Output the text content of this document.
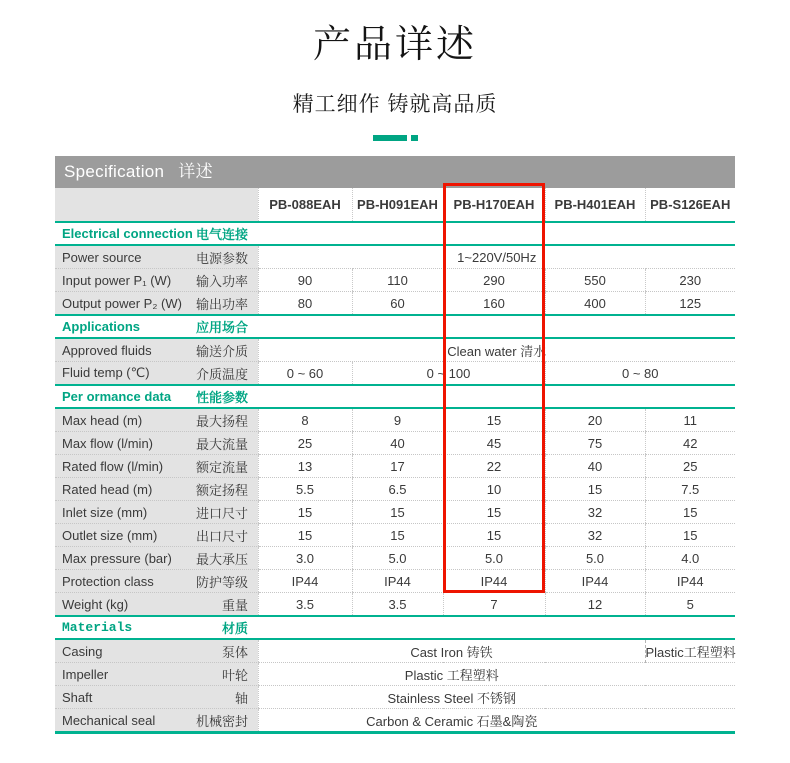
产品详述
精工细作 铸就高品质
Specification 详述
	PB-088EAH	PB-H091EAH	PB-H170EAH	PB-H401EAH	PB-S126EAH

Electrical connection 电气连接					

Power source 电源参数	1~220V/50Hz				

Input power P₁ (W) 输入功率	90	110	290	550	230

Output power P₂ (W) 输出功率	80	60	160	400	125

Applications 应用场合					

Approved fluids 输送介质	Clean water 清水				

Fluid temp (℃) 介质温度	0 ~ 60	0 ~ 100		0 ~ 80	

Per ormance data 性能参数					

Max head (m) 最大扬程	8	9	15	20	11

Max flow (l/min) 最大流量	25	40	45	75	42

Rated flow (l/min) 额定流量	13	17	22	40	25

Rated head (m) 额定扬程	5.5	6.5	10	15	7.5

Inlet size (mm) 进口尺寸	15	15	15	32	15

Outlet size (mm) 出口尺寸	15	15	15	32	15

Max pressure (bar) 最大承压	3.0	5.0	5.0	5.0	4.0

Protection class 防护等级	IP44	IP44	IP44	IP44	IP44

Weight (kg) 重量	3.5	3.5	7	12	5

Materials 材质					

Casing 泵体	Cast Iron 铸铁				Plastic工程塑料

Impeller 叶轮	Plastic 工程塑料				

Shaft 轴	Stainless Steel 不锈钢				

Mechanical seal 机械密封	Carbon & Ceramic 石墨&陶瓷				
